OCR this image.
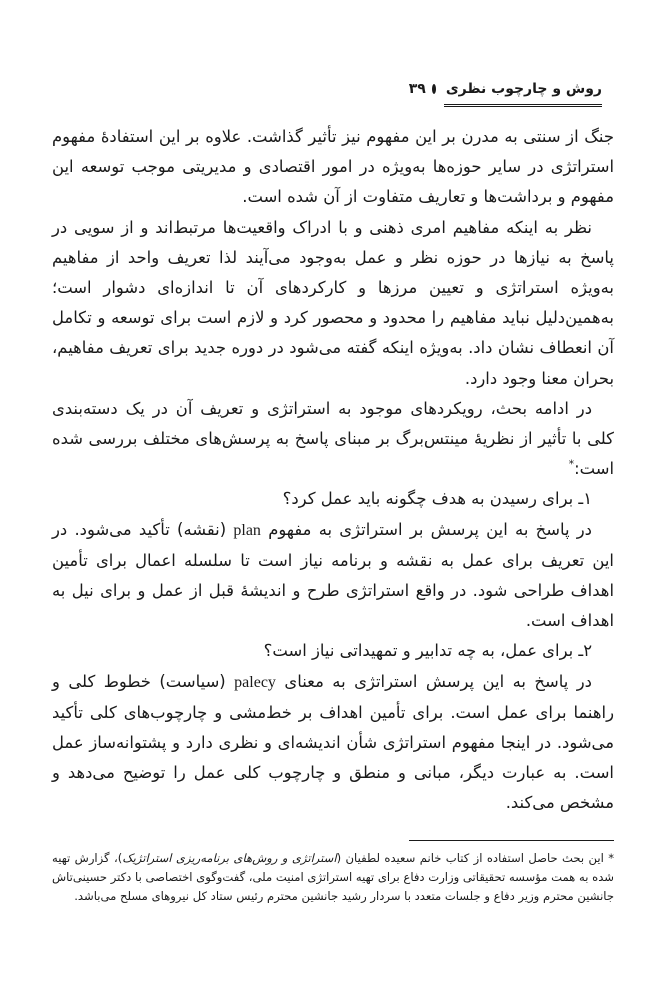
روش و چارچوب نظری
۳۹

جنگ از سنتی به مدرن بر این مفهوم نیز تأثیر گذاشت. علاوه بر این استفادهٔ مفهوم استراتژی در سایر حوزه‌ها به‌ویژه در امور اقتصادی و مدیریتی موجب توسعه این مفهوم و برداشت‌ها و تعاریف متفاوت از آن شده است.

نظر به اینکه مفاهیم امری ذهنی و با ادراک واقعیت‌ها مرتبط‌اند و از سویی در پاسخ به نیازها در حوزه نظر و عمل به‌وجود می‌آیند لذا تعریف واحد از مفاهیم به‌ویژه استراتژی و تعیین مرزها و کارکردهای آن تا اندازه‌ای دشوار است؛ به‌همین‌دلیل نباید مفاهیم را محدود و محصور کرد و لازم است برای توسعه و تکامل آن انعطاف نشان داد. به‌ویژه اینکه گفته می‌شود در دوره جدید برای تعریف مفاهیم، بحران معنا وجود دارد.

در ادامه بحث، رویکردهای موجود به استراتژی و تعریف آن در یک دسته‌بندی کلی با تأثیر از نظریهٔ مینتس‌برگ بر مبنای پاسخ به پرسش‌های مختلف بررسی شده است:*

۱ـ برای رسیدن به هدف چگونه باید عمل کرد؟

در پاسخ به این پرسش بر استراتژی به مفهوم plan (نقشه) تأکید می‌شود. در این تعریف برای عمل به نقشه و برنامه نیاز است تا سلسله اعمال برای تأمین اهداف طراحی شود. در واقع استراتژی طرح و اندیشهٔ قبل از عمل و برای نیل به اهداف است.

۲ـ برای عمل، به چه تدابیر و تمهیداتی نیاز است؟

در پاسخ به این پرسش استراتژی به معنای palecy (سیاست) خطوط کلی و راهنما برای عمل است. برای تأمین اهداف بر خط‌مشی و چارچوب‌های کلی تأکید می‌شود. در اینجا مفهوم استراتژی شأن اندیشه‌ای و نظری دارد و پشتوانه‌ساز عمل است. به عبارت دیگر، مبانی و منطق و چارچوب کلی عمل را توضیح می‌دهد و مشخص می‌کند.

* این بحث حاصل استفاده از کتاب خانم سعیده لطفیان (استراتژی و روش‌های برنامه‌ریزی استراتژیک)، گزارش تهیه شده به همت مؤسسه تحقیقاتی وزارت دفاع برای تهیه استراتژی امنیت ملی، گفت‌وگوی اختصاصی با دکتر حسینی‌تاش جانشین محترم وزیر دفاع و جلسات متعدد با سردار رشید جانشین محترم رئیس ستاد کل نیروهای مسلح می‌باشد.
